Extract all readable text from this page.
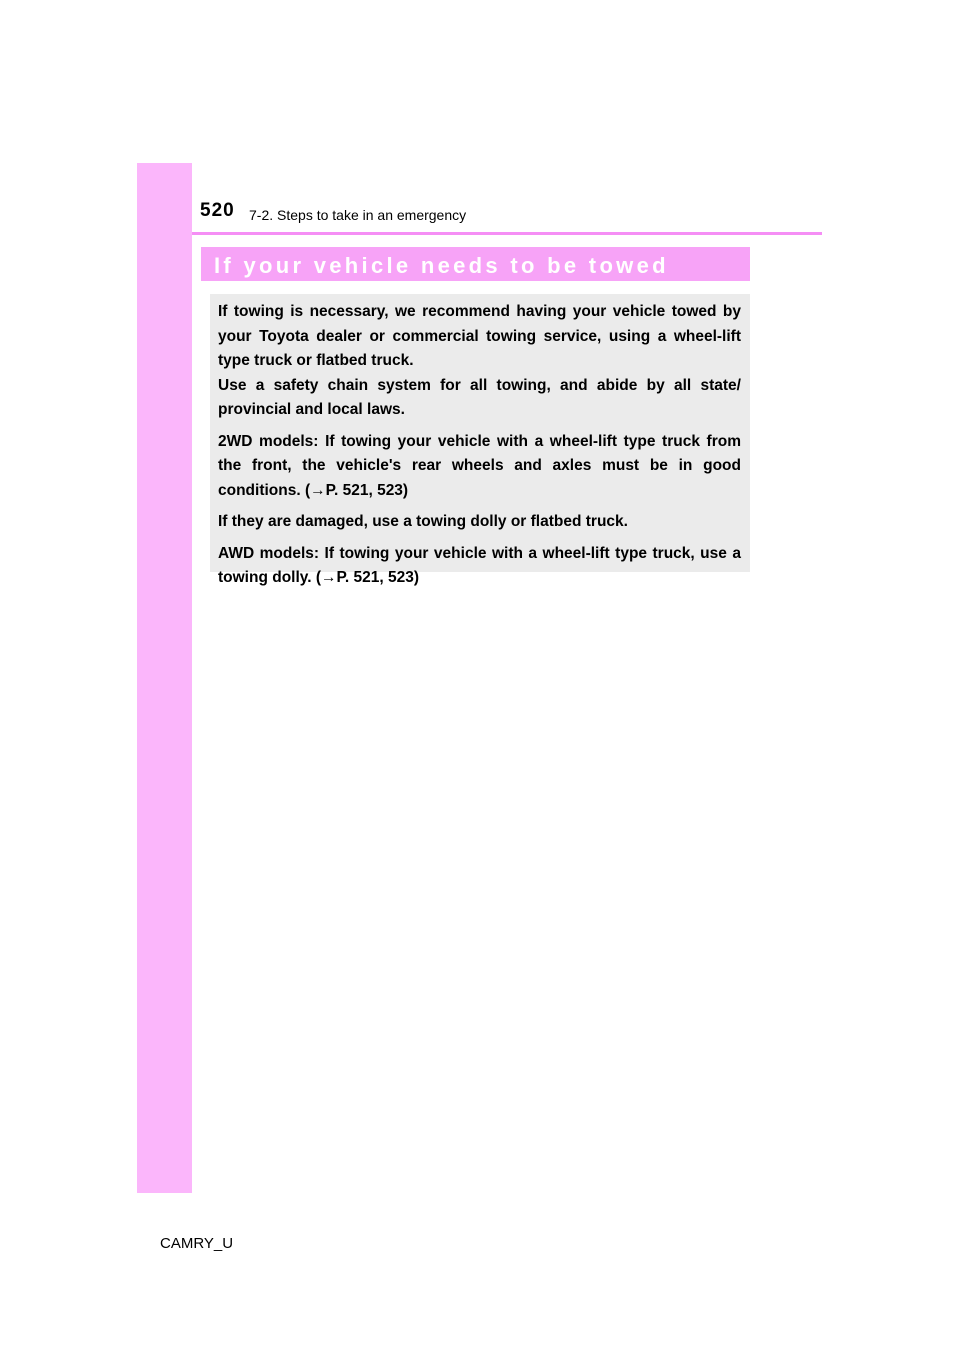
520 7-2. Steps to take in an emergency
If your vehicle needs to be towed

If towing is necessary, we recommend having your vehicle towed by your Toyota dealer or commercial towing service, using a wheel-lift type truck or flatbed truck.

Use a safety chain system for all towing, and abide by all state/ provincial and local laws.

2WD models: If towing your vehicle with a wheel-lift type truck from the front, the vehicle's rear wheels and axles must be in good conditions. (→P. 521, 523)

If they are damaged, use a towing dolly or flatbed truck.

AWD models: If towing your vehicle with a wheel-lift type truck, use a towing dolly. (→P. 521, 523)

CAMRY_U
